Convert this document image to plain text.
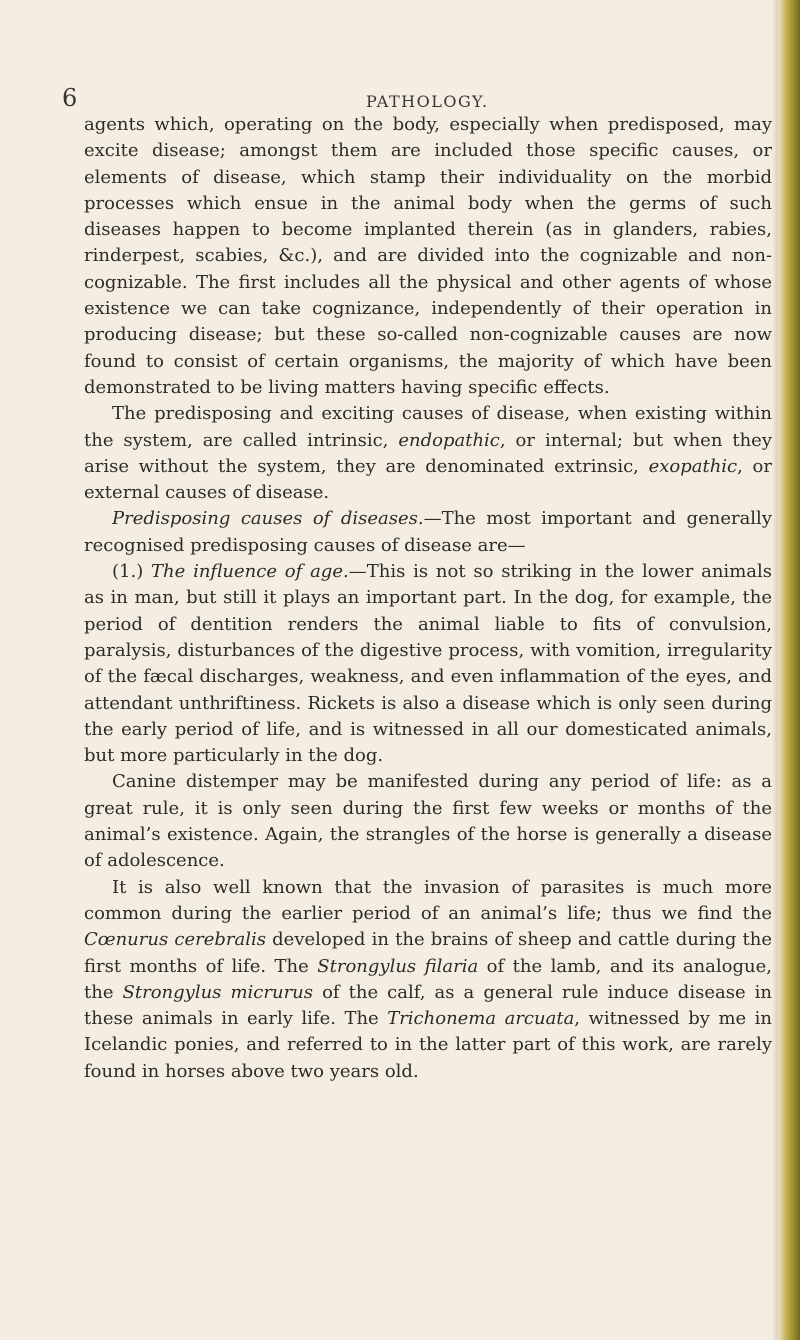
6	PATHOLOGY.

agents which, operating on the body, especially when predisposed, may excite disease; amongst them are included those specific causes, or elements of disease, which stamp their individuality on the morbid processes which ensue in the animal body when the germs of such diseases happen to become implanted therein (as in glanders, rabies, rinderpest, scabies, &c.), and are divided into the cognizable and non-cognizable. The first includes all the physical and other agents of whose existence we can take cognizance, independently of their operation in producing disease; but these so-called non-cognizable causes are now found to consist of certain organisms, the majority of which have been demonstrated to be living matters having specific effects.

The predisposing and exciting causes of disease, when existing within the system, are called intrinsic, endopathic, or internal; but when they arise without the system, they are denominated extrinsic, exopathic, or external causes of disease.

Predisposing causes of diseases.—The most important and generally recognised predisposing causes of disease are—

(1.) The influence of age.—This is not so striking in the lower animals as in man, but still it plays an important part. In the dog, for example, the period of dentition renders the animal liable to fits of convulsion, paralysis, disturbances of the digestive process, with vomition, irregularity of the fæcal discharges, weakness, and even inflammation of the eyes, and attendant unthriftiness. Rickets is also a disease which is only seen during the early period of life, and is witnessed in all our domesticated animals, but more particularly in the dog.

Canine distemper may be manifested during any period of life: as a great rule, it is only seen during the first few weeks or months of the animal’s existence. Again, the strangles of the horse is generally a disease of adolescence.

It is also well known that the invasion of parasites is much more common during the earlier period of an animal’s life; thus we find the Cœnurus cerebralis developed in the brains of sheep and cattle during the first months of life. The Strongylus filaria of the lamb, and its analogue, the Strongylus micrurus of the calf, as a general rule induce disease in these animals in early life. The Trichonema arcuata, witnessed by me in Icelandic ponies, and referred to in the latter part of this work, are rarely found in horses above two years old.
